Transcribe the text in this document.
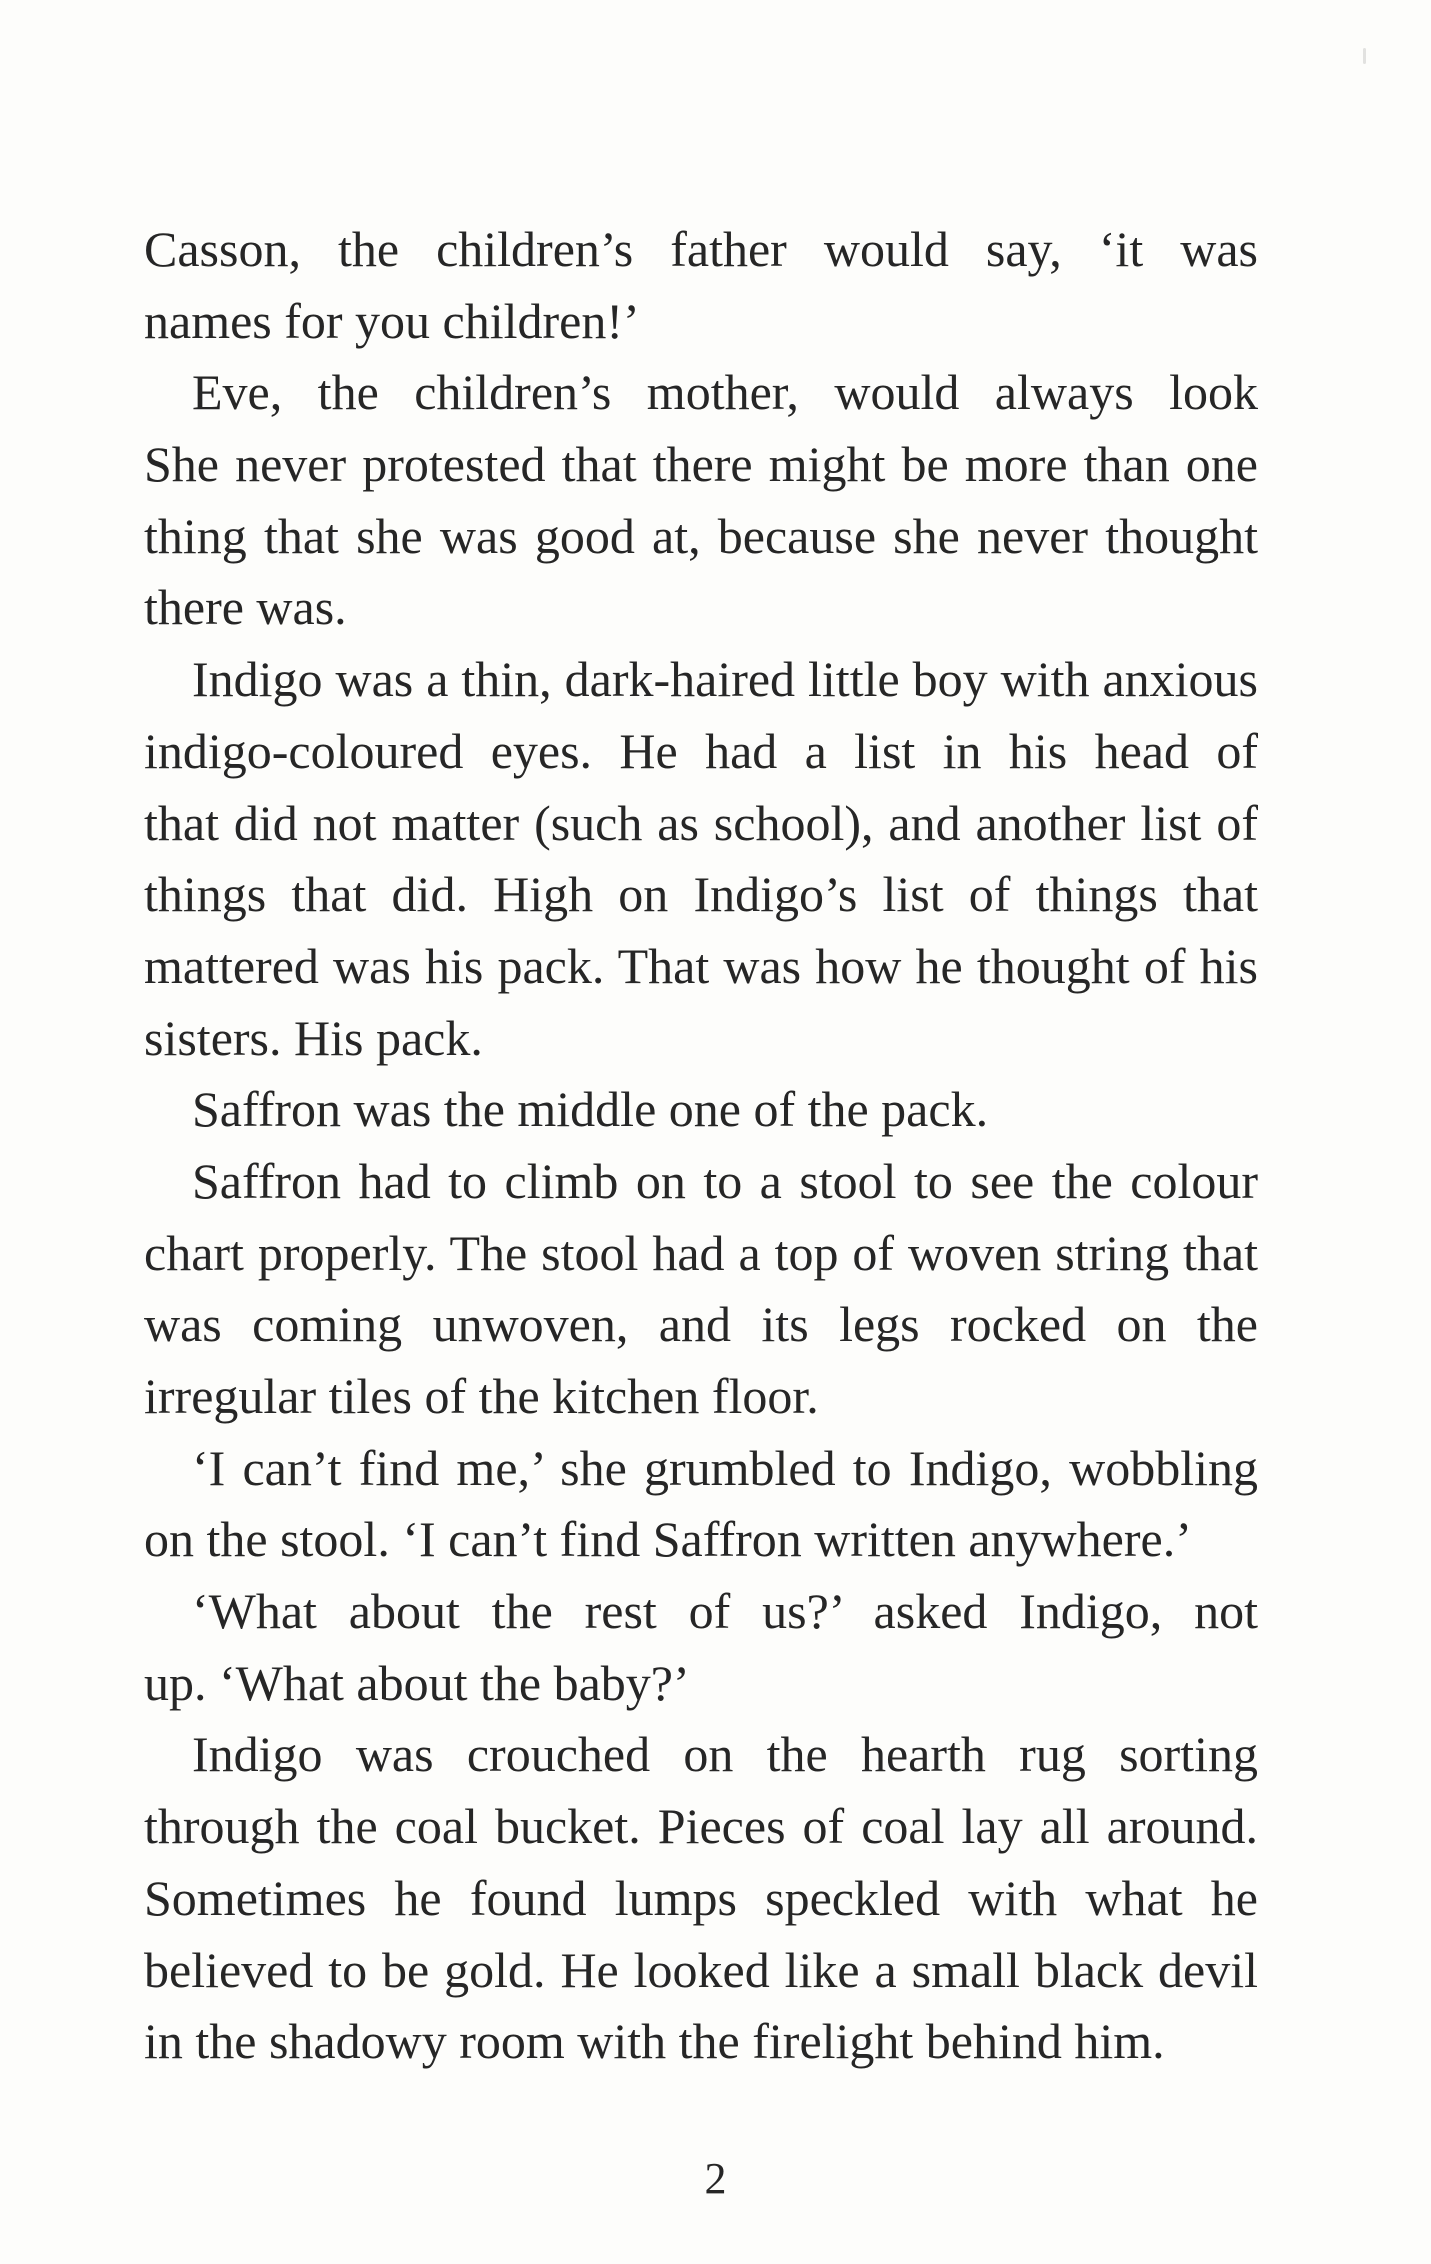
Casson, the children’s father would say, ‘it was
names for you children!’
Eve, the children’s mother, would always look
She never protested that there might be more than one
thing that she was good at, because she never thought
there was.
Indigo was a thin, dark-haired little boy with anxious
indigo-coloured eyes. He had a list in his head of
that did not matter (such as school), and another list of
things that did. High on Indigo’s list of things that
mattered was his pack. That was how he thought of his
sisters. His pack.
Saffron was the middle one of the pack.
Saffron had to climb on to a stool to see the colour
chart properly. The stool had a top of woven string that
was coming unwoven, and its legs rocked on the
irregular tiles of the kitchen floor.
‘I can’t find me,’ she grumbled to Indigo, wobbling
on the stool. ‘I can’t find Saffron written anywhere.’
‘What about the rest of us?’ asked Indigo, not
up. ‘What about the baby?’
Indigo was crouched on the hearth rug sorting
through the coal bucket. Pieces of coal lay all around.
Sometimes he found lumps speckled with what he
believed to be gold. He looked like a small black devil
in the shadowy room with the firelight behind him.
2
